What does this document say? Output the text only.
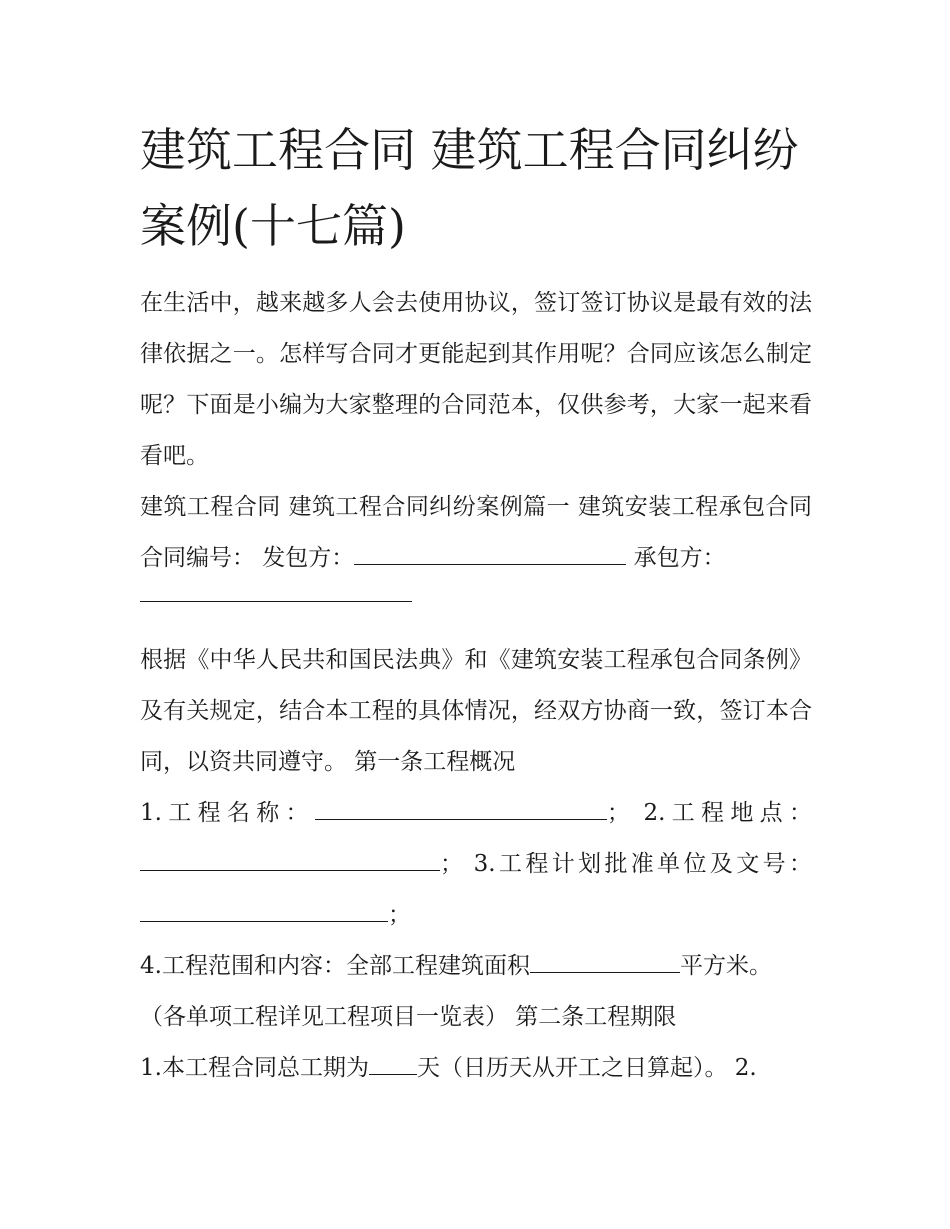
建筑工程合同 建筑工程合同纠纷案例(十七篇)

在生活中，越来越多人会去使用协议，签订签订协议是最有效的法律依据之一。怎样写合同才更能起到其作用呢？合同应该怎么制定呢？下面是小编为大家整理的合同范本，仅供参考，大家一起来看看吧。

建筑工程合同 建筑工程合同纠纷案例篇一 建筑安装工程承包合同 合同编号： 发包方：	承包方：

根据《中华人民共和国民法典》和《建筑安装工程承包合同条例》及有关规定，结合本工程的具体情况，经双方协商一致，签订本合同，以资共同遵守。 第一条工程概况

1.工程名称：	； 2.工程地点：； 3.工程计划批准单位及文号：；

4.工程范围和内容：全部工程建筑面积	平方米。

（各单项工程详见工程项目一览表） 第二条工程期限

1.本工程合同总工期为 天（日历天从开工之日算起）。 2.
